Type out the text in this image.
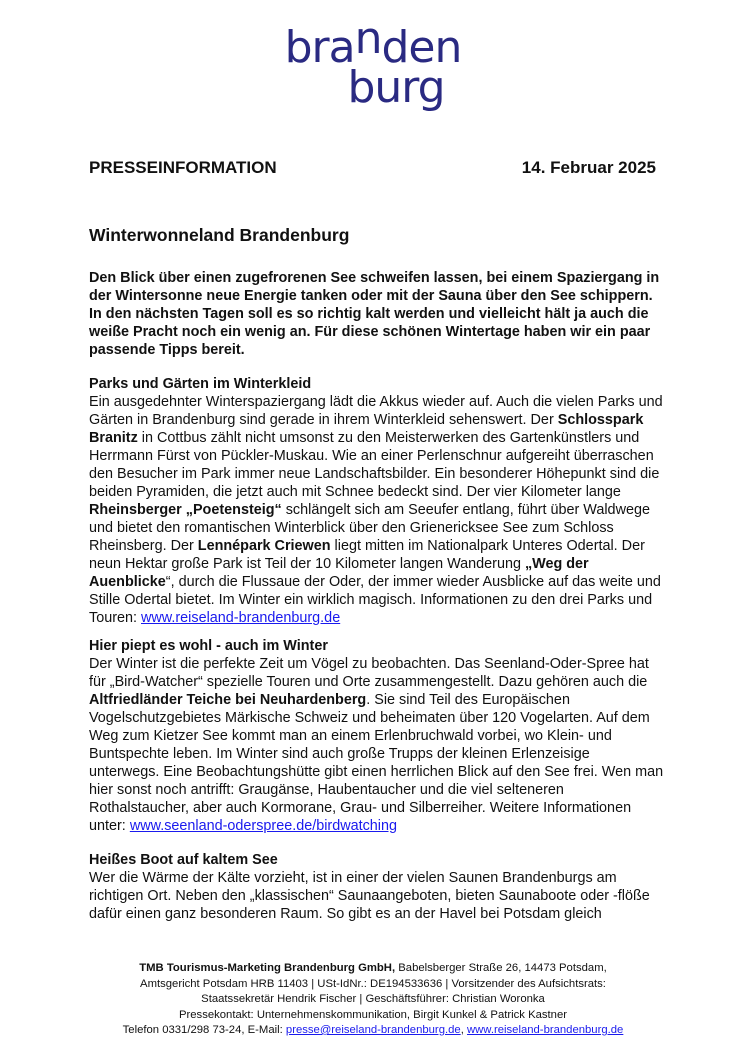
branden
burg
PRESSEINFORMATION	14. Februar 2025
Winterwonneland Brandenburg

Den Blick über einen zugefrorenen See schweifen lassen, bei einem Spaziergang in der Wintersonne neue Energie tanken oder mit der Sauna über den See schippern. In den nächsten Tagen soll es so richtig kalt werden und vielleicht hält ja auch die weiße Pracht noch ein wenig an. Für diese schönen Wintertage haben wir ein paar passende Tipps bereit.

Parks und Gärten im Winterkleid

Ein ausgedehnter Winterspaziergang lädt die Akkus wieder auf. Auch die vielen Parks und Gärten in Brandenburg sind gerade in ihrem Winterkleid sehenswert. Der Schlosspark Branitz in Cottbus zählt nicht umsonst zu den Meisterwerken des Gartenkünstlers und Herrmann Fürst von Pückler-Muskau. Wie an einer Perlenschnur aufgereiht überraschen den Besucher im Park immer neue Landschaftsbilder. Ein besonderer Höhepunkt sind die beiden Pyramiden, die jetzt auch mit Schnee bedeckt sind. Der vier Kilometer lange Rheinsberger „Poetensteig“ schlängelt sich am Seeufer entlang, führt über Waldwege und bietet den romantischen Winterblick über den Grienericksee See zum Schloss Rheinsberg. Der Lennépark Criewen liegt mitten im Nationalpark Unteres Odertal. Der neun Hektar große Park ist Teil der 10 Kilometer langen Wanderung „Weg der Auenblicke“, durch die Flussaue der Oder, der immer wieder Ausblicke auf das weite und Stille Odertal bietet. Im Winter ein wirklich magisch. Informationen zu den drei Parks und Touren: www.reiseland-brandenburg.de

Hier piept es wohl - auch im Winter

Der Winter ist die perfekte Zeit um Vögel zu beobachten. Das Seenland-Oder-Spree hat für „Bird-Watcher“ spezielle Touren und Orte zusammengestellt. Dazu gehören auch die Altfriedländer Teiche bei Neuhardenberg. Sie sind Teil des Europäischen Vogelschutzgebietes Märkische Schweiz und beheimaten über 120 Vogelarten. Auf dem Weg zum Kietzer See kommt man an einem Erlenbruchwald vorbei, wo Klein- und Buntspechte leben. Im Winter sind auch große Trupps der kleinen Erlenzeisige unterwegs. Eine Beobachtungshütte gibt einen herrlichen Blick auf den See frei. Wen man hier sonst noch antrifft: Graugänse, Haubentaucher und die viel selteneren Rothalstaucher, aber auch Kormorane, Grau- und Silberreiher. Weitere Informationen unter: www.seenland-oderspree.de/birdwatching

Heißes Boot auf kaltem See

Wer die Wärme der Kälte vorzieht, ist in einer der vielen Saunen Brandenburgs am richtigen Ort. Neben den „klassischen“ Saunaangeboten, bieten Saunaboote oder -flöße dafür einen ganz besonderen Raum. So gibt es an der Havel bei Potsdam gleich

TMB Tourismus-Marketing Brandenburg GmbH, Babelsberger Straße 26, 14473 Potsdam,
Amtsgericht Potsdam HRB 11403 | USt-IdNr.: DE194533636 | Vorsitzender des Aufsichtsrats:
Staatssekretär Hendrik Fischer | Geschäftsführer: Christian Woronka
Pressekontakt: Unternehmenskommunikation, Birgit Kunkel & Patrick Kastner
Telefon 0331/298 73-24, E-Mail: presse@reiseland-brandenburg.de, www.reiseland-brandenburg.de
